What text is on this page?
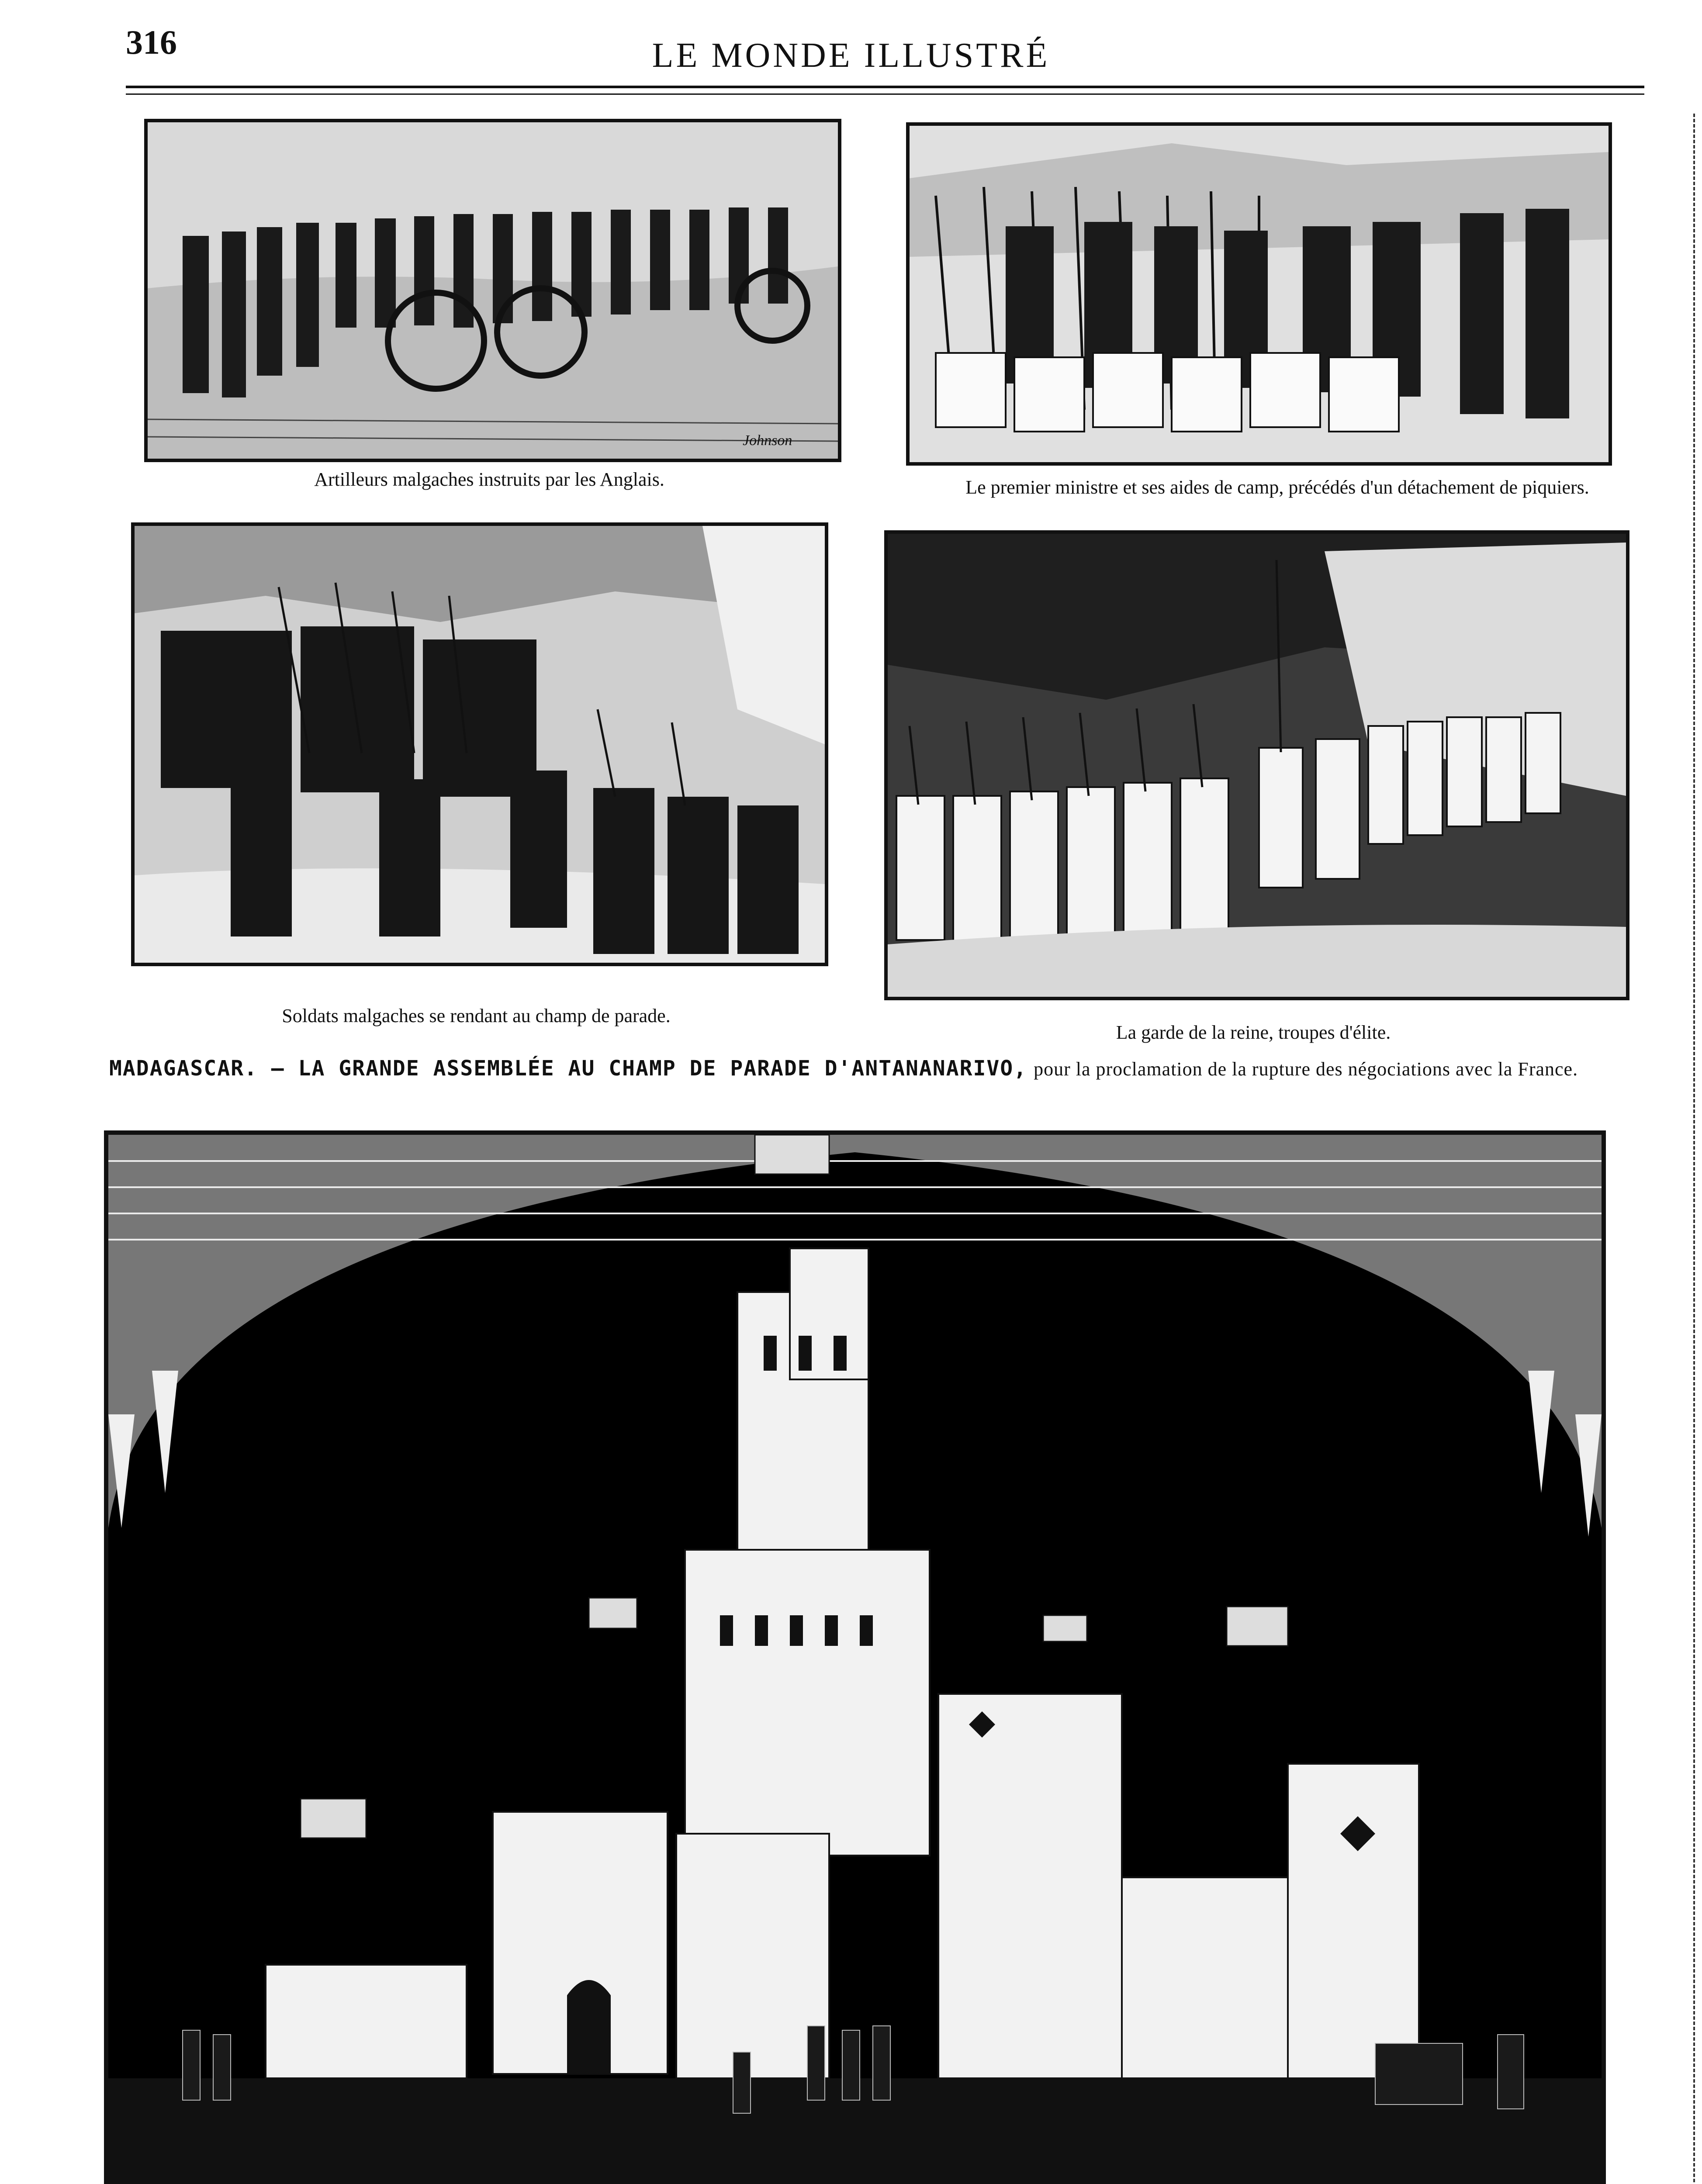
316	LE MONDE ILLUSTRÉ
Johnson
Artilleurs malgaches instruits par les Anglais.	Le premier ministre et ses aides de camp, précédés d'un détachement de piquiers.
Soldats malgaches se rendant au champ de parade.
La garde de la reine, troupes d'élite.
MADAGASCAR. — LA GRANDE ASSEMBLÉE AU CHAMP DE PARADE D'ANTANANARIVO, pour la proclamation de la rupture des négociations avec la France.
